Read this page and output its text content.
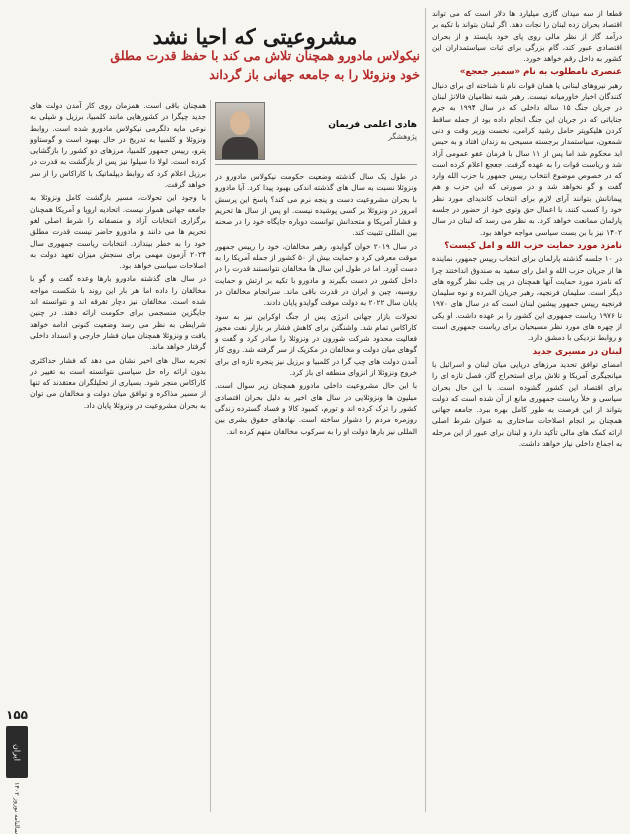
قطعا از سه میدان گازی میلیارد ها دلار است که می تواند اقتصاد بحران زده لبنان را نجات دهد. اگر لبنان بتواند با تکیه بر درآمد گاز از نظر مالی روی پای خود بایستد و از بحران اقتصادی عبور کند، گام بزرگی برای ثبات سیاستمداران این کشور به داخل رقم خواهد خورد.

عنصری نامطلوب به نام «سمیر جعجع»

رهبر نیروهای لبنانی یا همان قوات نام نا شناخته ای برای دنبال کنندگان اخبار خاورمیانه نیست. رهبر شبه نظامیان فالانژ لبنان در جریان جنگ ۱۵ ساله داخلی که در سال ۱۹۹۴ به جرم جنایاتی که در جریان این جنگ انجام داده بود از جمله ساقط کردن هلیکوپتر حامل رشید کرامی، نخست وزیر وقت و دنی شمعون، سیاستمدار برجسته مسیحی به زندان افتاد و به حبس ابد محکوم شد اما پس از ۱۱ سال با فرمان عفو عمومی آزاد شد و ریاست قوات را به عهده گرفت. جعجع اعلام کرده است که در خصوص موضوع انتخاب رییس جمهور با حزب الله وارد گفت و گو نخواهد شد و در صورتی که این حزب و هم پیمانانش بتوانند آرای لازم برای انتخاب کاندیدای مورد نظر خود را کسب کنند، با اعمال حق وتوی خود از حضور در جلسه پارلمان ممانعت خواهد کرد. به نظر می رسد که لبنان در سال ۱۴۰۲ نیز با بن بست سیاسی مواجه خواهد بود.

نامزد مورد حمایت حزب الله و امل کیست؟

در ۱۰ جلسه گذشته پارلمان برای انتخاب رییس جمهور، نماینده ها از جریان حزب الله و امل رای سفید به صندوق انداختند چرا که نامزد مورد حمایت آنها همچنان در پی جلب نظر گروه های دیگر است. سلیمان فرنجیه، رهبر جریان المرده و نوه سلیمان فرنجیه رییس جمهور پیشین لبنان است که در سال های ۱۹۷۰ تا ۱۹۷۶ ریاست جمهوری این کشور را بر عهده داشت. او یکی از چهره های مورد نظر مسیحیان برای ریاست جمهوری است و روابط نزدیکی با دمشق دارد.

لبنان در مسیری جدید

امضای توافق تحدید مرزهای دریایی میان لبنان و اسرائیل با میانجیگری آمریکا و تلاش برای استخراج گاز، فصل تازه ای را برای اقتصاد این کشور گشوده است. با این حال بحران سیاسی و خلأ ریاست جمهوری مانع از آن شده است که دولت بتواند از این فرصت به طور کامل بهره ببرد. جامعه جهانی همچنان بر انجام اصلاحات ساختاری به عنوان شرط اصلی ارائه کمک های مالی تأکید دارد و لبنان برای عبور از این مرحله به اجماع داخلی نیاز خواهد داشت.

مشروعیتی که احیا نشد
نیکولاس مادورو همچنان تلاش می کند با حفظ قدرت مطلق خود ونزوئلا را به جامعه جهانی باز گرداند
هادی اعلمی فریمان
پژوهشگر

در طول یک سال گذشته وضعیت حکومت نیکولاس مادورو در ونزوئلا نسبت به سال های گذشته اندکی بهبود پیدا کرد. آیا مادورو با بحران مشروعیت دست و پنجه نرم می کند؟ پاسخ این پرسش امروز در ونزوئلا بر کسی پوشیده نیست. او پس از سال ها تحریم و فشار آمریکا و متحدانش توانست دوباره جایگاه خود را در صحنه بین المللی تثبیت کند.

در سال ۲۰۱۹ خوان گوایدو، رهبر مخالفان، خود را رییس جمهور موقت معرفی کرد و حمایت بیش از ۵۰ کشور از جمله آمریکا را به دست آورد. اما در طول این سال ها مخالفان نتوانستند قدرت را در داخل کشور در دست بگیرند و مادورو با تکیه بر ارتش و حمایت روسیه، چین و ایران در قدرت باقی ماند. سرانجام مخالفان در پایان سال ۲۰۲۲ به دولت موقت گوایدو پایان دادند.

تحولات بازار جهانی انرژی پس از جنگ اوکراین نیز به سود کاراکاس تمام شد. واشنگتن برای کاهش فشار بر بازار نفت مجوز فعالیت محدود شرکت شورون در ونزوئلا را صادر کرد و گفت و گوهای میان دولت و مخالفان در مکزیک از سر گرفته شد. روی کار آمدن دولت های چپ گرا در کلمبیا و برزیل نیز پنجره تازه ای برای خروج ونزوئلا از انزوای منطقه ای باز کرد.

با این حال مشروعیت داخلی مادورو همچنان زیر سوال است. میلیون ها ونزوئلایی در سال های اخیر به دلیل بحران اقتصادی کشور را ترک کرده اند و تورم، کمبود کالا و فساد گسترده زندگی روزمره مردم را دشوار ساخته است. نهادهای حقوق بشری بین المللی نیز بارها دولت او را به سرکوب مخالفان متهم کرده اند.

همچنان باقی است. همزمان روی کار آمدن دولت های جدید چپگرا در کشورهایی مانند کلمبیا، برزیل و شیلی به نوعی مایه دلگرمی نیکولاس مادورو شده است. روابط ونزوئلا و کلمبیا به تدریج در حال بهبود است و گوستاوو پترو، رییس جمهور کلمبیا، مرزهای دو کشور را بازگشایی کرده است. لولا دا سیلوا نیز پس از بازگشت به قدرت در برزیل اعلام کرد که روابط دیپلماتیک با کاراکاس را از سر خواهد گرفت.

با وجود این تحولات، مسیر بازگشت کامل ونزوئلا به جامعه جهانی هموار نیست. اتحادیه اروپا و آمریکا همچنان برگزاری انتخابات آزاد و منصفانه را شرط اصلی لغو تحریم ها می دانند و مادورو حاضر نیست قدرت مطلق خود را به خطر بیندازد. انتخابات ریاست جمهوری سال ۲۰۲۴ آزمون مهمی برای سنجش میزان تعهد دولت به اصلاحات سیاسی خواهد بود.

در سال های گذشته مادورو بارها وعده گفت و گو با مخالفان را داده اما هر بار این روند با شکست مواجه شده است. مخالفان نیز دچار تفرقه اند و نتوانسته اند جایگزین منسجمی برای حکومت ارائه دهند. در چنین شرایطی به نظر می رسد وضعیت کنونی ادامه خواهد یافت و ونزوئلا همچنان میان فشار خارجی و انسداد داخلی گرفتار خواهد ماند.

تجربه سال های اخیر نشان می دهد که فشار حداکثری بدون ارائه راه حل سیاسی نتوانسته است به تغییر در کاراکاس منجر شود. بسیاری از تحلیلگران معتقدند که تنها از مسیر مذاکره و توافق میان دولت و مخالفان می توان به بحران مشروعیت در ونزوئلا پایان داد.

۱۵۵
ایران
سالنامه نوروز ۱۴۰۲
